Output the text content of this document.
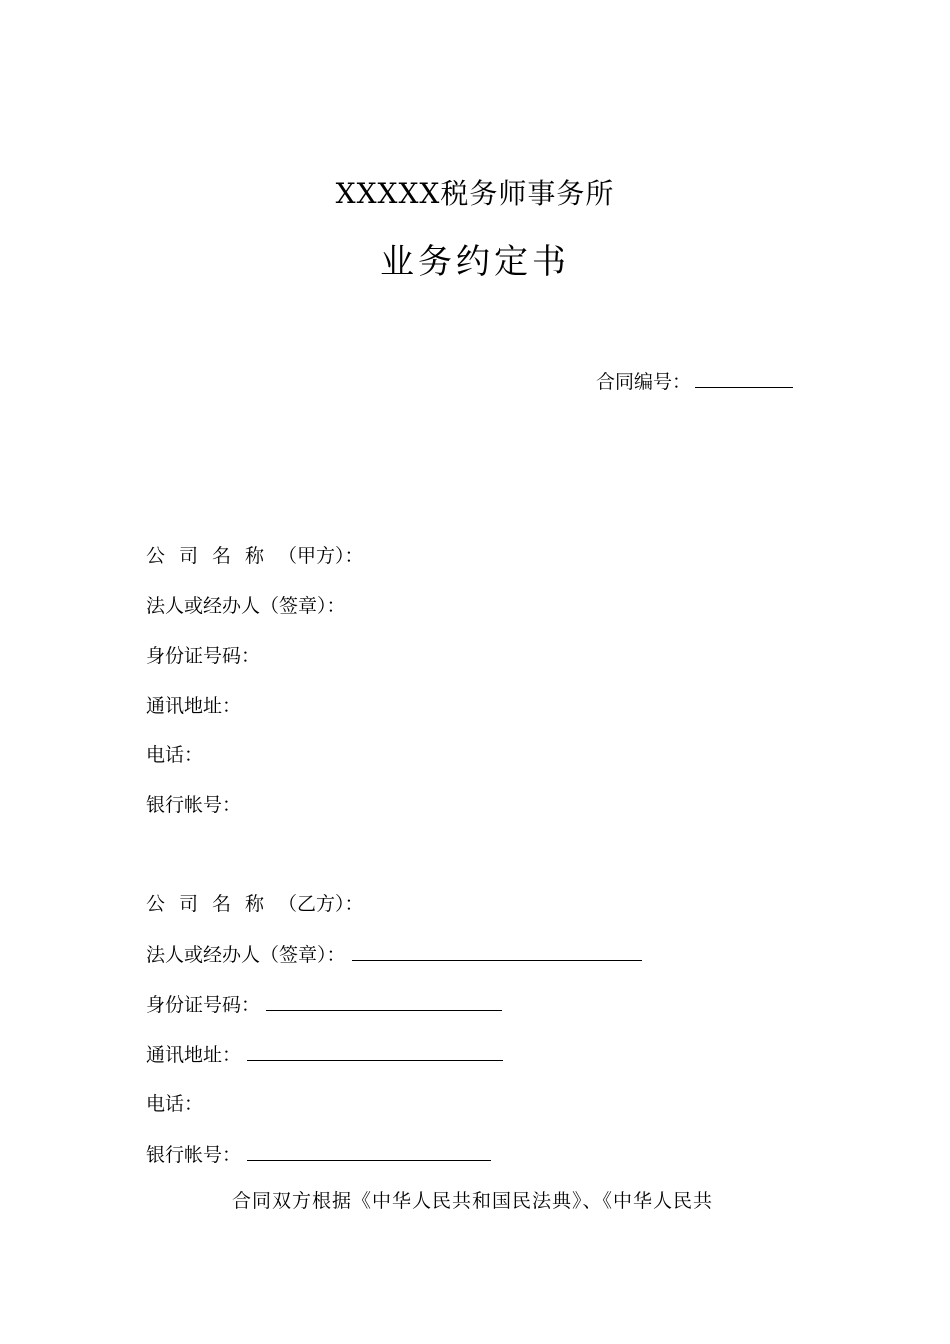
XXXXX税务师事务所
业务约定书
合同编号：
公司名称（甲方）：
法人或经办人（签章）：
身份证号码：
通讯地址：
电话：
银行帐号：
公司名称（乙方）：
法人或经办人（签章）：
身份证号码：
通讯地址：
电话：
银行帐号：
合同双方根据《中华人民共和国民法典》、《中华人民共
